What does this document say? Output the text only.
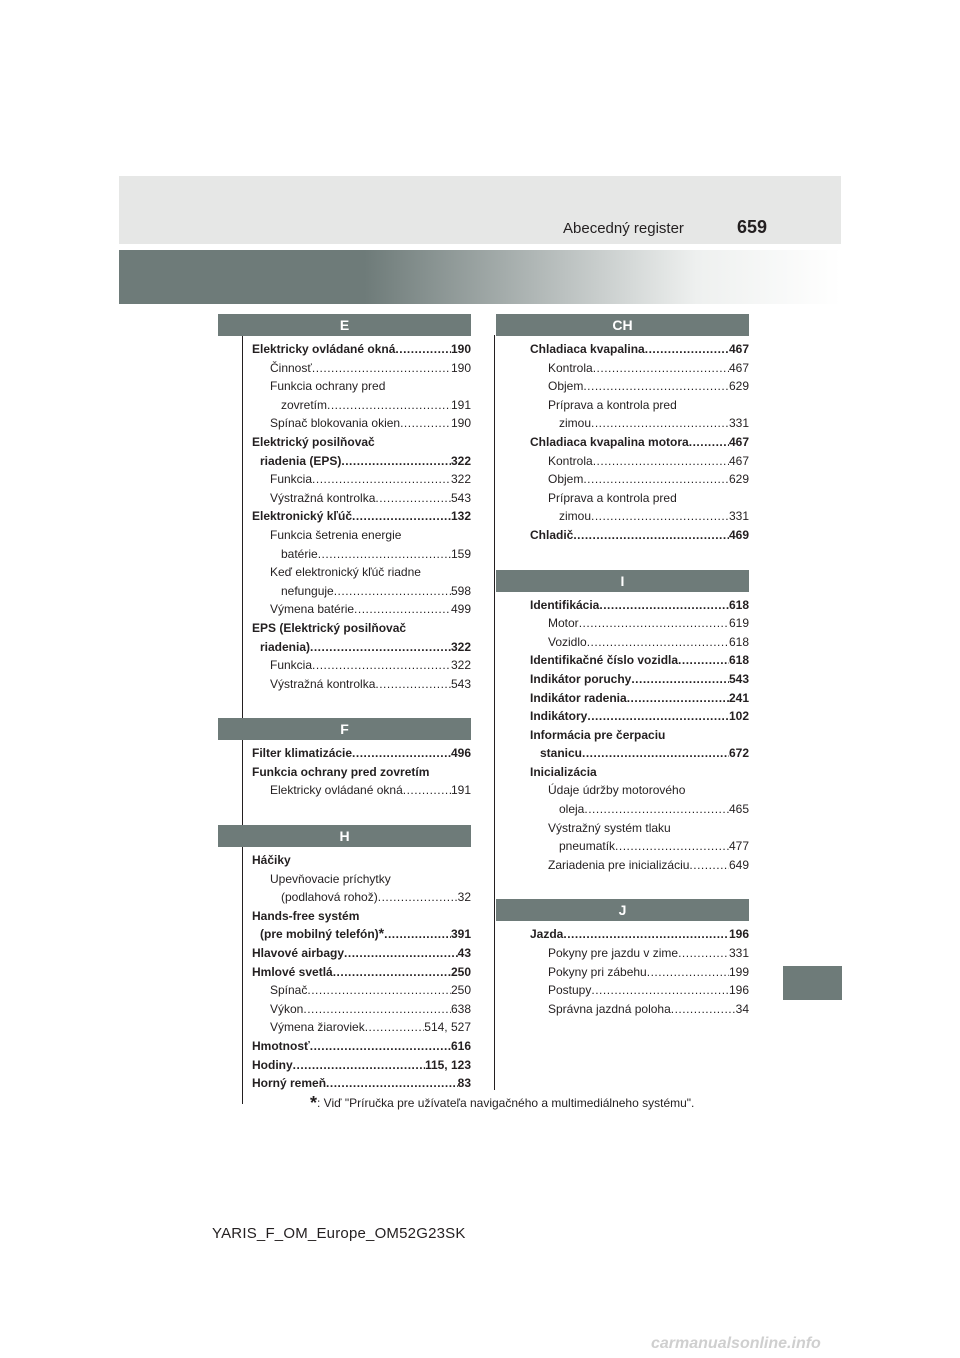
Abecedný register	659
E
Elektricky ovládané okná .....	190
Činnosť .....	190
Funkcia ochrany pred
zovretím .....	191
Spínač blokovania okien .....	190
Elektrický posilňovač
riadenia (EPS) .....	322
Funkcia .....	322
Výstražná kontrolka .....	543
Elektronický kľúč .....	132
Funkcia šetrenia energie
batérie .....	159
Keď elektronický kľúč riadne
nefunguje .....	598
Výmena batérie .....	499
EPS (Elektrický posilňovač
riadenia) .....	322
Funkcia .....	322
Výstražná kontrolka .....	543
F
Filter klimatizácie .....	496
Funkcia ochrany pred zovretím
Elektricky ovládané okná .....	191
H
Háčiky
Upevňovacie príchytky
(podlahová rohož) .....	32
Hands-free systém
(pre mobilný telefón) * .....	391
Hlavové airbagy .....	43
Hmlové svetlá .....	250
Spínač .....	250
Výkon .....	638
Výmena žiaroviek .....	514, 527
Hmotnosť .....	616
Hodiny .....	115, 123
Horný remeň .....	83
CH
Chladiaca kvapalina .....	467
Kontrola .....	467
Objem .....	629
Príprava a kontrola pred
zimou .....	331
Chladiaca kvapalina motora .....	467
Kontrola .....	467
Objem .....	629
Príprava a kontrola pred
zimou .....	331
Chladič .....	469
I
Identifikácia .....	618
Motor .....	619
Vozidlo .....	618
Identifikačné číslo vozidla .....	618
Indikátor poruchy .....	543
Indikátor radenia .....	241
Indikátory .....	102
Informácia pre čerpaciu
stanicu .....	672
Inicializácia
Údaje údržby motorového
oleja .....	465
Výstražný systém tlaku
pneumatík .....	477
Zariadenia pre inicializáciu .....	649
J
Jazda .....	196
Pokyny pre jazdu v zime .....	331
Pokyny pri zábehu .....	199
Postupy .....	196
Správna jazdná poloha .....	34
*: Viď "Príručka pre užívateľa navigačného a multimediálneho systému".
YARIS_F_OM_Europe_OM52G23SK
carmanualsonline.info
